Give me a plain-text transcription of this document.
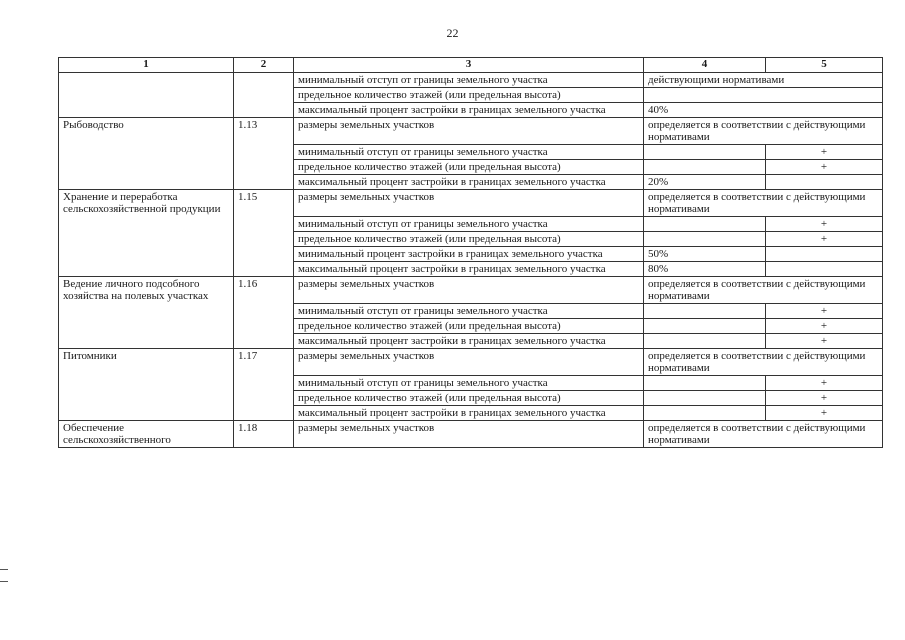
22
1	2	3	4	5
		минимальный отступ от границы земельного участка	действующими нормативами	
		предельное количество этажей (или предельная высота)		
		максимальный процент застройки в границах земельного участка	40%	
Рыбоводство	1.13	размеры земельных участков	определяется в соответствии с действующими нормативами	
		минимальный отступ от границы земельного участка		+
		предельное количество этажей (или предельная высота)		+
		максимальный процент застройки в границах земельного участка	20%	
Хранение и переработка сельскохозяйственной продукции	1.15	размеры земельных участков	определяется в соответствии с действующими нормативами	
		минимальный отступ от границы земельного участка		+
		предельное количество этажей (или предельная высота)		+
		минимальный процент застройки в границах земельного участка	50%	
		максимальный процент застройки в границах земельного участка	80%	
Ведение личного подсобного хозяйства на полевых участках	1.16	размеры земельных участков	определяется в соответствии с действующими нормативами	
		минимальный отступ от границы земельного участка		+
		предельное количество этажей (или предельная высота)		+
		максимальный процент застройки в границах земельного участка		+
Питомники	1.17	размеры земельных участков	определяется в соответствии с действующими нормативами	
		минимальный отступ от границы земельного участка		+
		предельное количество этажей (или предельная высота)		+
		максимальный процент застройки в границах земельного участка		+
Обеспечение сельскохозяйственного	1.18	размеры земельных участков	определяется в соответствии с действующими нормативами	
